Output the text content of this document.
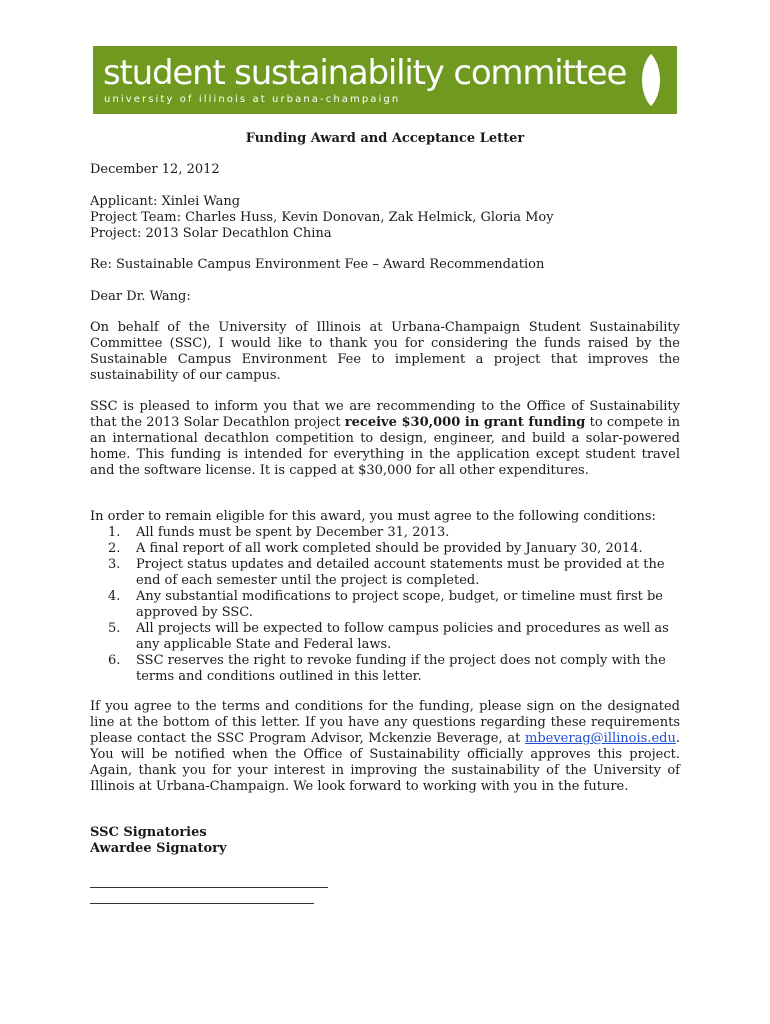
student sustainability committee
university of illinois at urbana-champaign
Funding Award and Acceptance Letter
December 12, 2012
Applicant: Xinlei Wang
Project Team: Charles Huss, Kevin Donovan, Zak Helmick, Gloria Moy
Project: 2013 Solar Decathlon China
Re: Sustainable Campus Environment Fee – Award Recommendation
Dear Dr. Wang:
On behalf of the University of Illinois at Urbana-Champaign Student Sustainability Committee (SSC), I would like to thank you for considering the funds raised by the Sustainable Campus Environment Fee to implement a project that improves the sustainability of our campus.
SSC is pleased to inform you that we are recommending to the Office of Sustainability that the 2013 Solar Decathlon project receive $30,000 in grant funding to compete in an international decathlon competition to design, engineer, and build a solar-powered home. This funding is intended for everything in the application except student travel and the software license. It is capped at $30,000 for all other expenditures.
In order to remain eligible for this award, you must agree to the following conditions:
1. All funds must be spent by December 31, 2013.
2. A final report of all work completed should be provided by January 30, 2014.
3. Project status updates and detailed account statements must be provided at the end of each semester until the project is completed.
4. Any substantial modifications to project scope, budget, or timeline must first be approved by SSC.
5. All projects will be expected to follow campus policies and procedures as well as any applicable State and Federal laws.
6. SSC reserves the right to revoke funding if the project does not comply with the terms and conditions outlined in this letter.
If you agree to the terms and conditions for the funding, please sign on the designated line at the bottom of this letter. If you have any questions regarding these requirements please contact the SSC Program Advisor, Mckenzie Beverage, at mbeverag@illinois.edu. You will be notified when the Office of Sustainability officially approves this project. Again, thank you for your interest in improving the sustainability of the University of Illinois at Urbana-Champaign. We look forward to working with you in the future.
SSC Signatories
Awardee Signatory
